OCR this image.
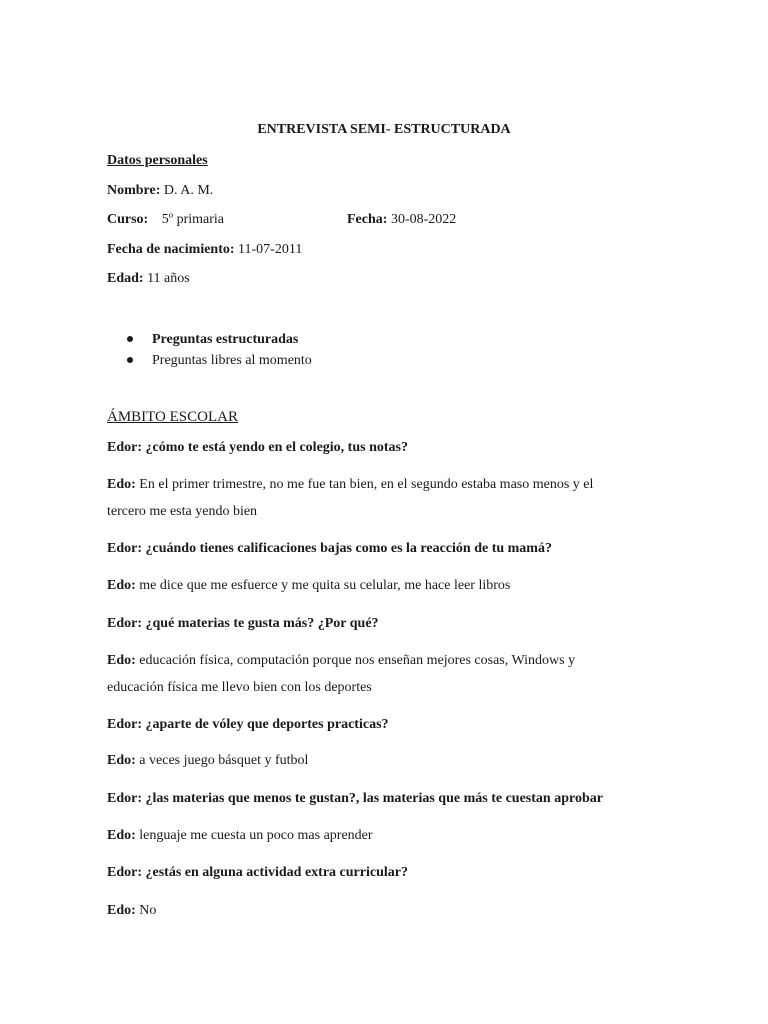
ENTREVISTA SEMI- ESTRUCTURADA
Datos personales
Nombre: D. A. M.
Curso: 5º primaria	Fecha: 30-08-2022
Fecha de nacimiento: 11-07-2011
Edad: 11 años
Preguntas estructuradas
Preguntas libres al momento
ÁMBITO ESCOLAR
Edor: ¿cómo te está yendo en el colegio, tus notas?
Edo: En el primer trimestre, no me fue tan bien, en el segundo estaba maso menos y el
tercero me esta yendo bien
Edor: ¿cuándo tienes calificaciones bajas como es la reacción de tu mamá?
Edo: me dice que me esfuerce y me quita su celular, me hace leer libros
Edor: ¿qué materias te gusta más? ¿Por qué?
Edo: educación física, computación porque nos enseñan mejores cosas, Windows y
educación física me llevo bien con los deportes
Edor: ¿aparte de vóley que deportes practicas?
Edo: a veces juego básquet y futbol
Edor: ¿las materias que menos te gustan?, las materias que más te cuestan aprobar
Edo: lenguaje me cuesta un poco mas aprender
Edor: ¿estás en alguna actividad extra curricular?
Edo: No
